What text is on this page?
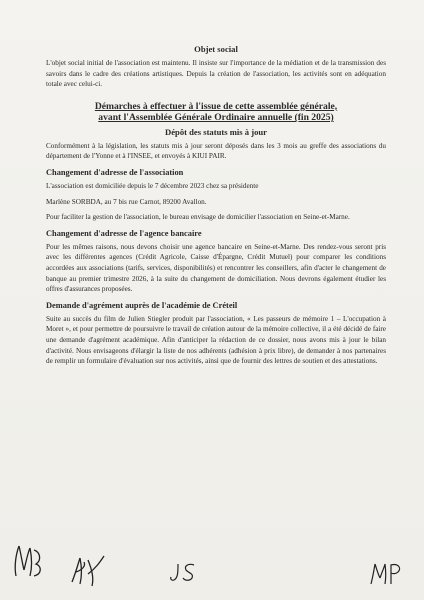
Objet social

L'objet social initial de l'association est maintenu. Il insiste sur l'importance de la médiation et de la transmission des savoirs dans le cadre des créations artistiques. Depuis la création de l'association, les activités sont en adéquation totale avec celui-ci.

Démarches à effectuer à l'issue de cette assemblée générale,
avant l'Assemblée Générale Ordinaire annuelle (fin 2025)

Dépôt des statuts mis à jour

Conformément à la législation, les statuts mis à jour seront déposés dans les 3 mois au greffe des associations du département de l'Yonne et à l'INSEE, et envoyés à KIUI PAIR.

Changement d'adresse de l'association

L'association est domiciliée depuis le 7 décembre 2023 chez sa présidente

Marlène SORBDA, au 7 bis rue Carnot, 89200 Avallon.

Pour faciliter la gestion de l'association, le bureau envisage de domicilier l'association en Seine-et-Marne.

Changement d'adresse de l'agence bancaire

Pour les mêmes raisons, nous devons choisir une agence bancaire en Seine-et-Marne. Des rendez-vous seront pris avec les différentes agences (Crédit Agricole, Caisse d'Épargne, Crédit Mutuel) pour comparer les conditions accordées aux associations (tarifs, services, disponibilités) et rencontrer les conseillers, afin d'acter le changement de banque au premier trimestre 2026, à la suite du changement de domiciliation. Nous devrons également étudier les offres d'assurances proposées.

Demande d'agrément auprès de l'académie de Créteil

Suite au succès du film de Julien Stiegler produit par l'association, « Les passeurs de mémoire 1 – L'occupation à Moret », et pour permettre de poursuivre le travail de création autour de la mémoire collective, il a été décidé de faire une demande d'agrément académique. Afin d'anticiper la rédaction de ce dossier, nous avons mis à jour le bilan d'activité. Nous envisageons d'élargir la liste de nos adhérents (adhésion à prix libre), de demander à nos partenaires de remplir un formulaire d'évaluation sur nos activités, ainsi que de fournir des lettres de soutien et des attestations.
